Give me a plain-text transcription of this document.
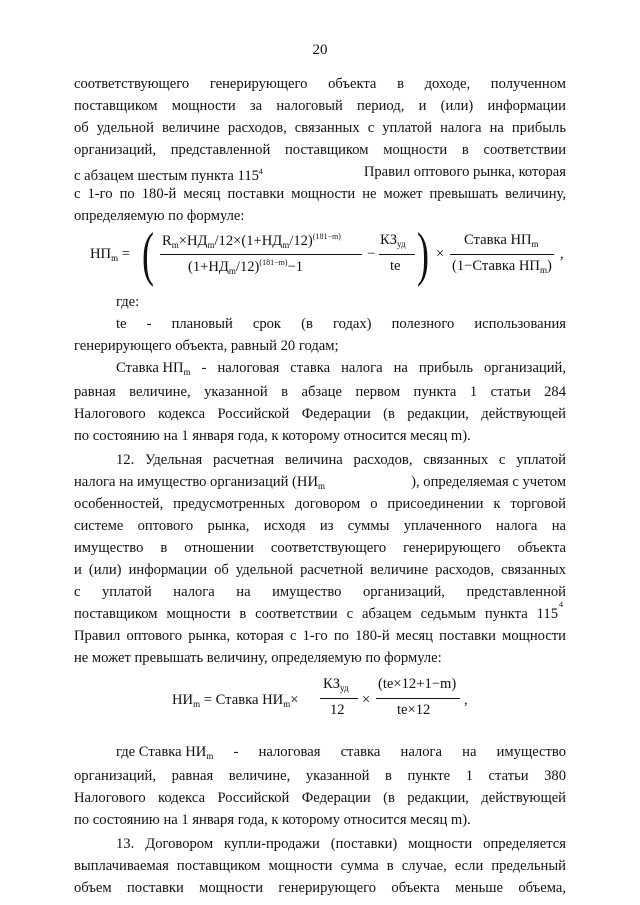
20
соответствующего генерирующего объекта в доходе, полученном
поставщиком мощности за налоговый период, и (или) информации
об удельной величине расходов, связанных с уплатой налога на прибыль
организаций, представленной поставщиком мощности в соответствии
с абзацем шестым пункта $115^4$	Правил оптового рынка, которая
с 1-го по 180-й месяц поставки мощности не может превышать величину,
определяемую по формуле:
$НП_m$ = ( $R_m\times НД_m/12\times(1+НД_m/12)^{(181-m)}$
$(1+НД_m/12)^{(181-m)}-1$
−
$КЗ_{уд}$
te ) ×
Ставка $НП_m$
(1−Ставка $НП_m$)
,
где:
te - плановый срок (в годах) полезного использования
генерирующего объекта, равный 20 годам;
Ставка $НП_m$ - налоговая ставка налога на прибыль организаций,
равная величине, указанной в абзаце первом пункта 1 статьи 284
Налогового кодекса Российской Федерации (в редакции, действующей
по состоянию на 1 января года, к которому относится месяц m).
12. Удельная расчетная величина расходов, связанных с уплатой
налога на имущество организаций ($НИ_m$	), определяемая с учетом
особенностей, предусмотренных договором о присоединении к торговой
системе оптового рынка, исходя из суммы уплаченного налога на
имущество в отношении соответствующего генерирующего объекта
и (или) информации об удельной расчетной величине расходов, связанных
с уплатой налога на имущество организаций, представленной
поставщиком мощности в соответствии с абзацем седьмым пункта 115
4
Правил оптового рынка, которая с 1-го по 180-й месяц поставки мощности
не может превышать величину, определяемую по формуле:
$НИ_m$ = Ставка $НИ_m\times$
$КЗ_{уд}$
12
×
(te×12+1−m)
te×12
,
где Ставка $НИ_m$ - налоговая ставка налога на имущество
организаций, равная величине, указанной в пункте 1 статьи 380
Налогового кодекса Российской Федерации (в редакции, действующей
по состоянию на 1 января года, к которому относится месяц m).
13. Договором купли-продажи (поставки) мощности определяется
выплачиваемая поставщиком мощности сумма в случае, если предельный
объем поставки мощности генерирующего объекта меньше объема,
